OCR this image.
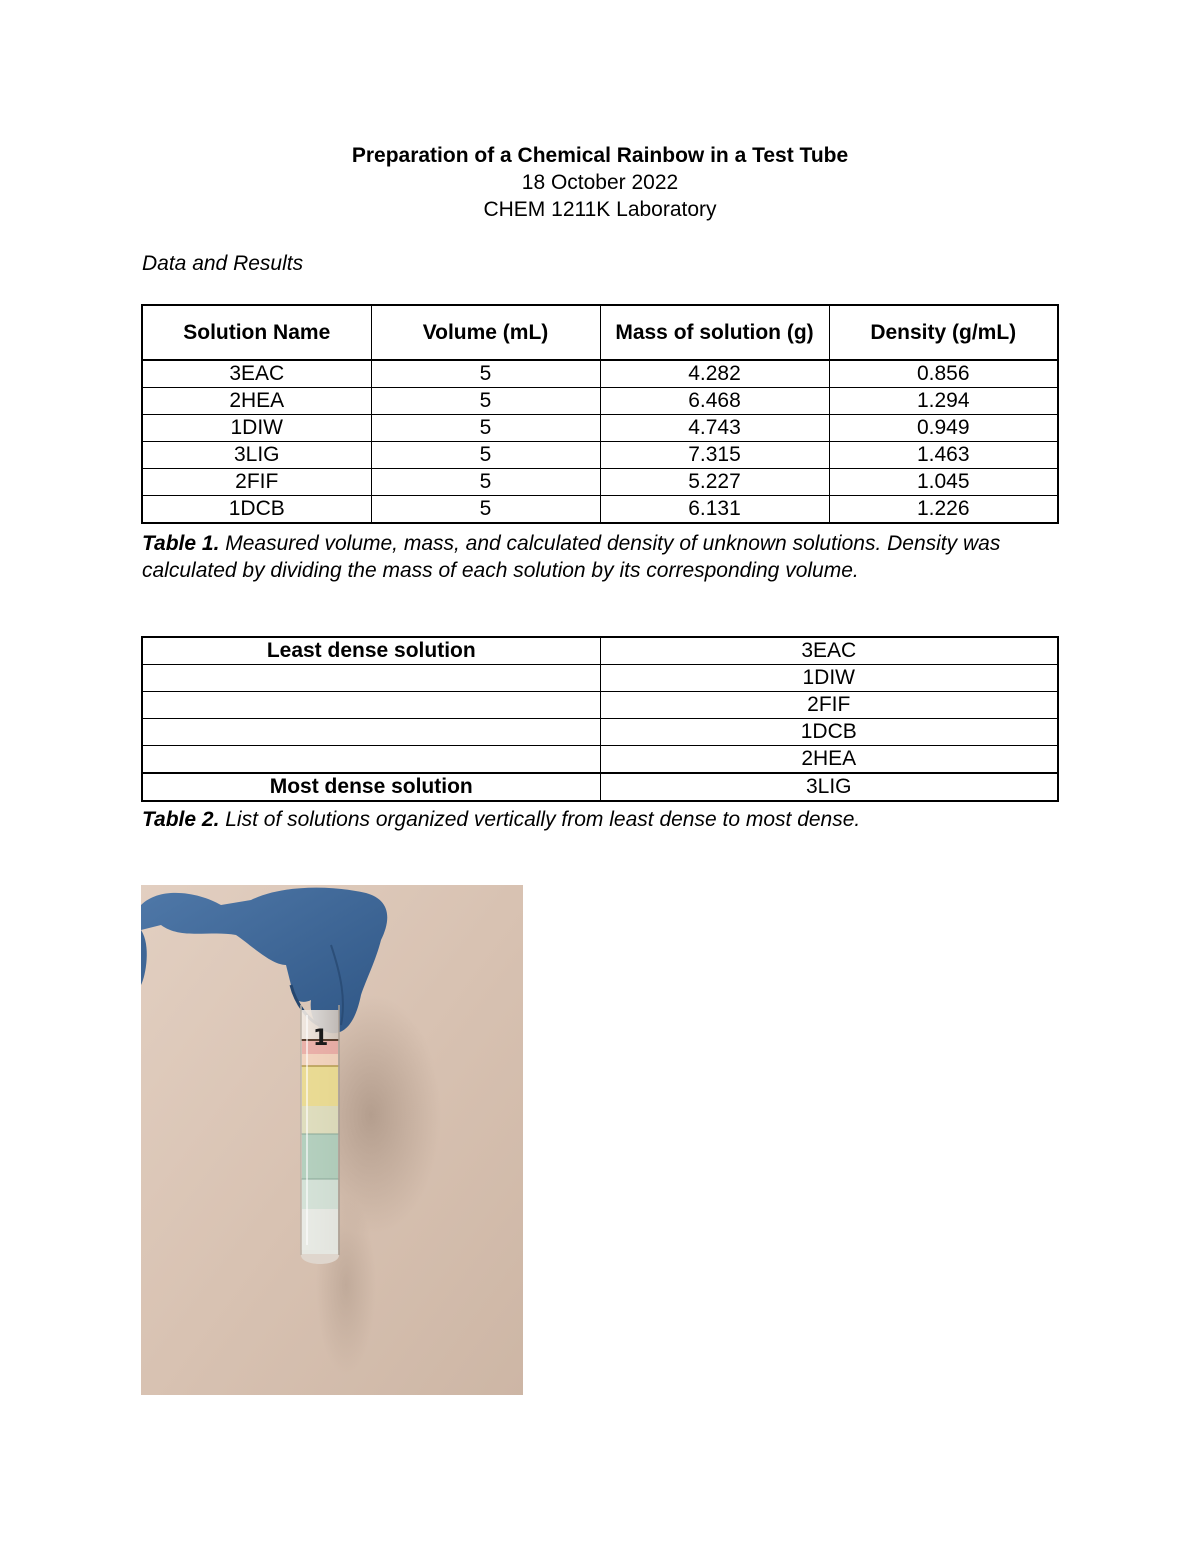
Preparation of a Chemical Rainbow in a Test Tube
18 October 2022
CHEM 1211K Laboratory
Data and Results
Solution Name	Volume (mL)	Mass of solution (g)	Density (g/mL)
3EAC	5	4.282	0.856
2HEA	5	6.468	1.294
1DIW	5	4.743	0.949
3LIG	5	7.315	1.463
2FIF	5	5.227	1.045
1DCB	5	6.131	1.226
Table 1. Measured volume, mass, and calculated density of unknown solutions. Density was calculated by dividing the mass of each solution by its corresponding volume.
Least dense solution	3EAC
	1DIW
	2FIF
	1DCB
	2HEA
Most dense solution	3LIG
Table 2. List of solutions organized vertically from least dense to most dense.
1
